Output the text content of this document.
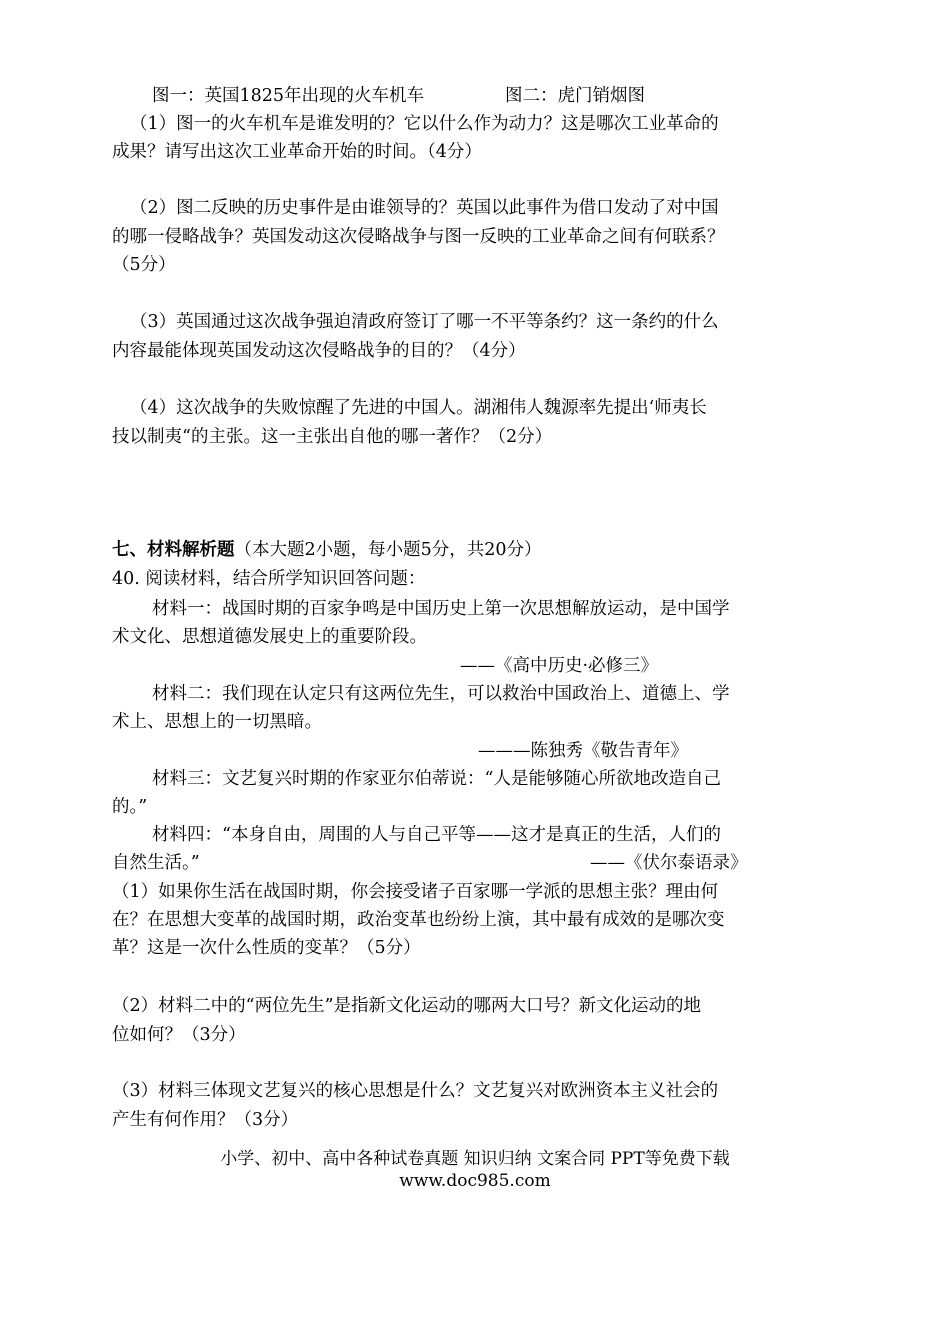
图一：英国1825年出现的火车机车	图二：虎门销烟图
（1）图一的火车机车是谁发明的？它以什么作为动力？这是哪次工业革命的
成果？请写出这次工业革命开始的时间。（4分）
（2）图二反映的历史事件是由谁领导的？英国以此事件为借口发动了对中国
的哪一侵略战争？英国发动这次侵略战争与图一反映的工业革命之间有何联系？
（5分）
（3）英国通过这次战争强迫清政府签订了哪一不平等条约？这一条约的什么
内容最能体现英国发动这次侵略战争的目的？（4分）
（4）这次战争的失败惊醒了先进的中国人。湖湘伟人魏源率先提出‘师夷长
技以制夷“的主张。这一主张出自他的哪一著作？（2分）
七、材料解析题（本大题2小题，每小题5分，共20分）
40. 阅读材料，结合所学知识回答问题：
材料一：战国时期的百家争鸣是中国历史上第一次思想解放运动，是中国学
术文化、思想道德发展史上的重要阶段。
——《高中历史·必修三》
材料二：我们现在认定只有这两位先生，可以救治中国政治上、道德上、学
术上、思想上的一切黑暗。
———陈独秀《敬告青年》
材料三：文艺复兴时期的作家亚尔伯蒂说：“人是能够随心所欲地改造自己
的。”
材料四：“本身自由，周围的人与自己平等——这才是真正的生活，人们的
自然生活。”	——《伏尔泰语录》
（1）如果你生活在战国时期，你会接受诸子百家哪一学派的思想主张？理由何
在？在思想大变革的战国时期，政治变革也纷纷上演，其中最有成效的是哪次变
革？这是一次什么性质的变革？（5分）
（2）材料二中的“两位先生”是指新文化运动的哪两大口号？新文化运动的地
位如何？（3分）
（3）材料三体现文艺复兴的核心思想是什么？文艺复兴对欧洲资本主义社会的
产生有何作用？（3分）
小学、初中、高中各种试卷真题 知识归纳 文案合同 PPT等免费下载
www.doc985.com
